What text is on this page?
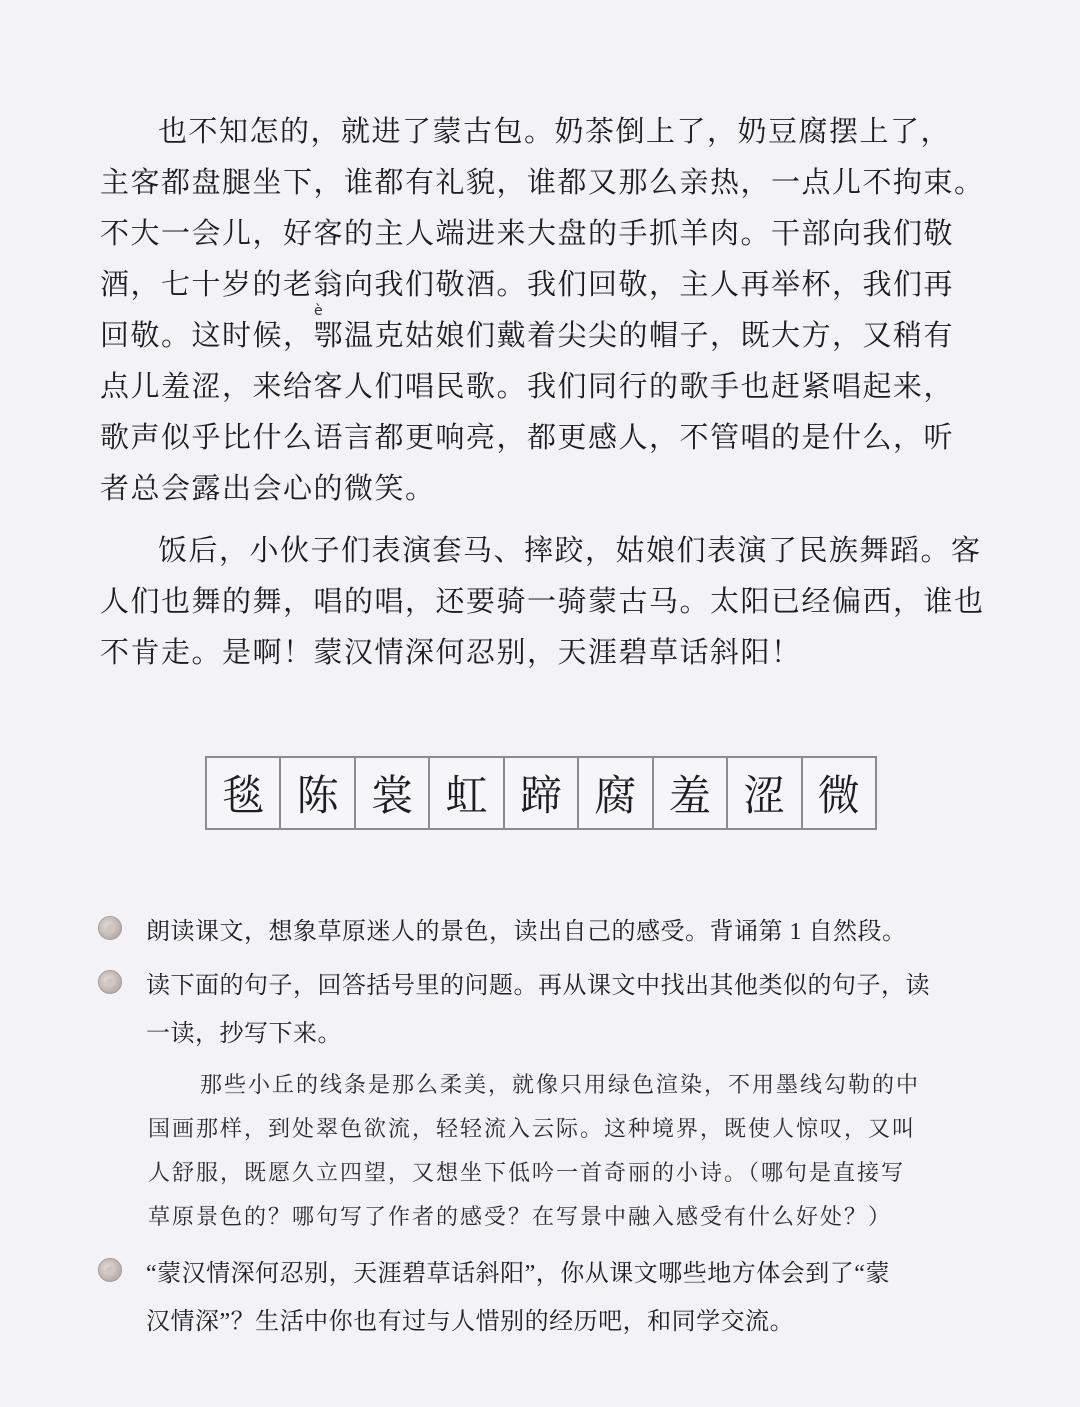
也不知怎的，就进了蒙古包。奶茶倒上了，奶豆腐摆上了，
主客都盘腿坐下，谁都有礼貌，谁都又那么亲热，一点儿不拘束。
不大一会儿，好客的主人端进来大盘的手抓羊肉。干部向我们敬
酒，七十岁的老翁向我们敬酒。我们回敬，主人再举杯，我们再
回敬。这时候，鄂温克姑娘们戴着尖尖的帽子，既大方，又稍有
点儿羞涩，来给客人们唱民歌。我们同行的歌手也赶紧唱起来，
歌声似乎比什么语言都更响亮，都更感人，不管唱的是什么，听
者总会露出会心的微笑。
è
饭后，小伙子们表演套马、摔跤，姑娘们表演了民族舞蹈。客
人们也舞的舞，唱的唱，还要骑一骑蒙古马。太阳已经偏西，谁也
不肯走。是啊！蒙汉情深何忍别，天涯碧草话斜阳！
毯 陈 裳 虹 蹄 腐 羞 涩 微
朗读课文，想象草原迷人的景色，读出自己的感受。背诵第 1 自然段。
读下面的句子，回答括号里的问题。再从课文中找出其他类似的句子，读
一读，抄写下来。
那些小丘的线条是那么柔美，就像只用绿色渲染，不用墨线勾勒的中
国画那样，到处翠色欲流，轻轻流入云际。这种境界，既使人惊叹，又叫
人舒服，既愿久立四望，又想坐下低吟一首奇丽的小诗。（哪句是直接写
草原景色的？哪句写了作者的感受？在写景中融入感受有什么好处？）
“蒙汉情深何忍别，天涯碧草话斜阳”，你从课文哪些地方体会到了“蒙
汉情深”？生活中你也有过与人惜别的经历吧，和同学交流。
